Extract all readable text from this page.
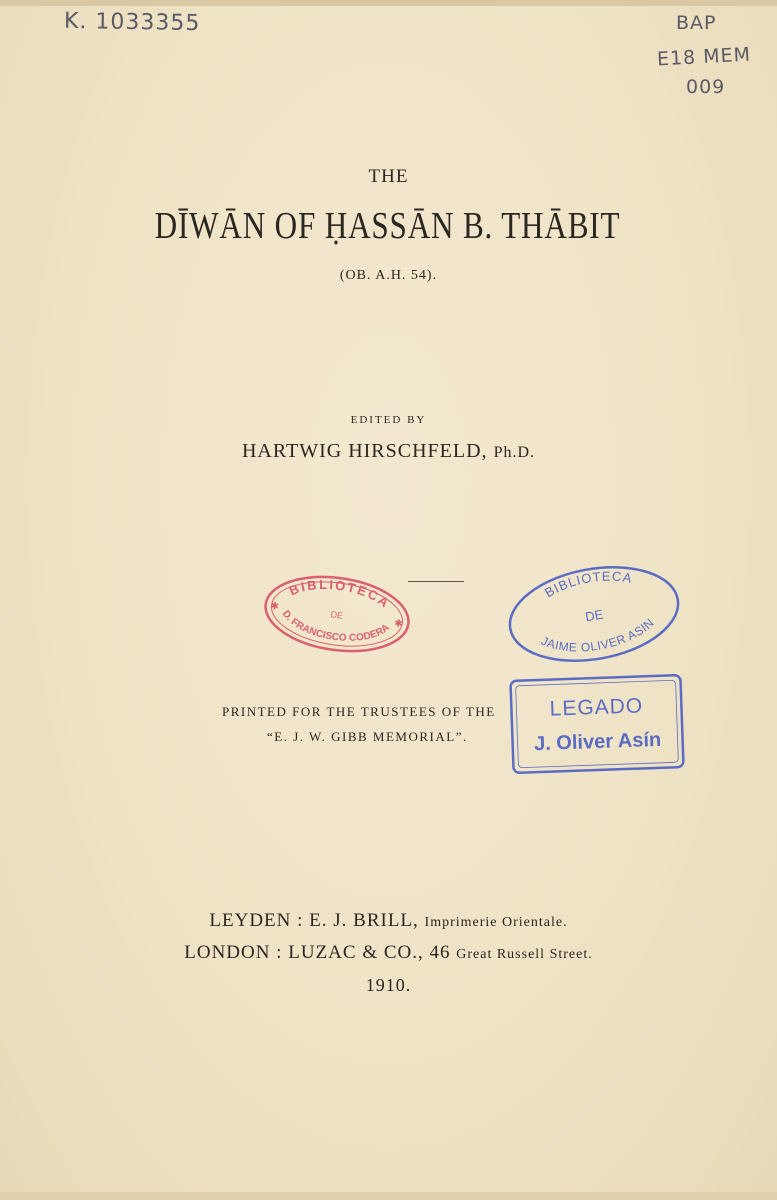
K. 1033355	BAP
E18 MEM
009
THE
DĪWĀN OF ḤASSĀN B. THĀBIT
(OB. A.H. 54).
EDITED BY
HARTWIG HIRSCHFELD, Ph.D.
BIBLIOTECA
DE
D. FRANCISCO CODERA
✱
✱
BIBLIOTECA
DE
JAIME OLIVER ASIN
PRINTED FOR THE TRUSTEES OF THE
“E. J. W. GIBB MEMORIAL”.
LEGADO
J. Oliver Asín
LEYDEN : E. J. BRILL, Imprimerie Orientale.
LONDON : LUZAC & CO., 46 Great Russell Street.
1910.
